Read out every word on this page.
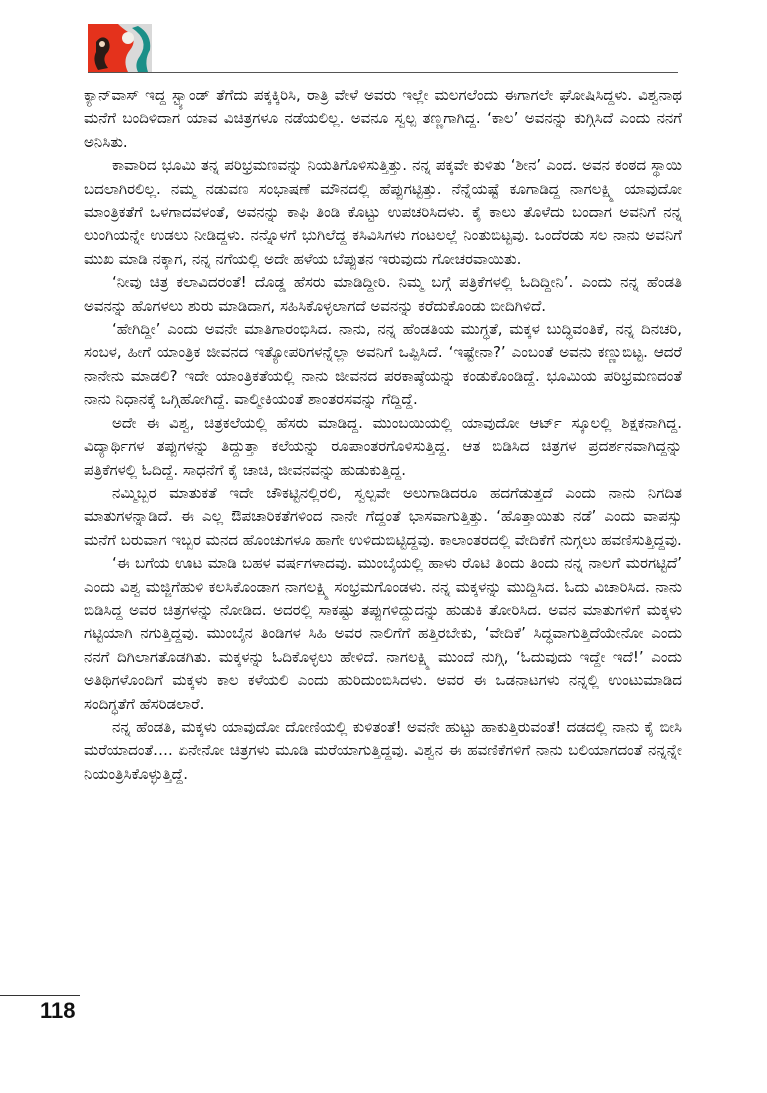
ಕ್ಯಾನ್‌ವಾಸ್‌ ಇದ್ದ ಸ್ಟ್ಯಾಂಡ್‌ ತೆಗೆದು ಪಕ್ಕಕ್ಕಿರಿಸಿ, ರಾತ್ರಿ ವೇಳೆ ಅವರು ಇಲ್ಲೇ ಮಲಗಲೆಂದು ಈಗಾಗಲೇ ಘೋಷಿಸಿದ್ದಳು. ವಿಶ್ವನಾಥ ಮನೆಗೆ ಬಂದಿಳಿದಾಗ ಯಾವ ವಿಚಿತ್ರಗಳೂ ನಡೆಯಲಿಲ್ಲ. ಅವನೂ ಸ್ವಲ್ಪ ತಣ್ಣಗಾಗಿದ್ದ. ‘ಕಾಲ’ ಅವನನ್ನು ಕುಗ್ಗಿಸಿದೆ ಎಂದು ನನಗೆ ಅನಿಸಿತು.

ಕಾವಾರಿದ ಭೂಮಿ ತನ್ನ ಪರಿಭ್ರಮಣವನ್ನು ನಿಯತಿಗೊಳಿಸುತ್ತಿತ್ತು. ನನ್ನ ಪಕ್ಕವೇ ಕುಳಿತು ‘ಶೀನ’ ಎಂದ. ಅವನ ಕಂಠದ ಸ್ಥಾಯಿ ಬದಲಾಗಿರಲಿಲ್ಲ. ನಮ್ಮ ನಡುವಣ ಸಂಭಾಷಣೆ ಮೌನದಲ್ಲಿ ಹೆಪ್ಪುಗಟ್ಟಿತ್ತು. ನೆನ್ನೆಯಷ್ಟೆ ಕೂಗಾಡಿದ್ದ ನಾಗಲಕ್ಷ್ಮಿ ಯಾವುದೋ ಮಾಂತ್ರಿಕತೆಗೆ ಒಳಗಾದವಳಂತೆ, ಅವನನ್ನು ಕಾಫಿ ತಿಂಡಿ ಕೊಟ್ಟು ಉಪಚರಿಸಿದಳು. ಕೈ ಕಾಲು ತೊಳೆದು ಬಂದಾಗ ಅವನಿಗೆ ನನ್ನ ಲುಂಗಿಯನ್ನೇ ಉಡಲು ನೀಡಿದ್ದಳು. ನನ್ನೊಳಗೆ ಭುಗಿಲೆದ್ದ ಕಸಿವಿಸಿಗಳು ಗಂಟಲಲ್ಲೆ ನಿಂತುಬಿಟ್ಟವು. ಒಂದೆರಡು ಸಲ ನಾನು ಅವನಿಗೆ ಮುಖ ಮಾಡಿ ನಕ್ಕಾಗ, ನನ್ನ ನಗೆಯಲ್ಲಿ ಅದೇ ಹಳೆಯ ಬೆಪ್ಪುತನ ಇರುವುದು ಗೋಚರವಾಯಿತು.

‘ನೀವು ಚಿತ್ರ ಕಲಾವಿದರಂತೆ! ದೊಡ್ಡ ಹೆಸರು ಮಾಡಿದ್ದೀರಿ. ನಿಮ್ಮ ಬಗ್ಗೆ ಪತ್ರಿಕೆಗಳಲ್ಲಿ ಓದಿದ್ದೀನಿ’. ಎಂದು ನನ್ನ ಹೆಂಡತಿ ಅವನನ್ನು ಹೊಗಳಲು ಶುರು ಮಾಡಿದಾಗ, ಸಹಿಸಿಕೊಳ್ಳಲಾಗದೆ ಅವನನ್ನು ಕರೆದುಕೊಂಡು ಬೀದಿಗಿಳಿದೆ.

‘ಹೇಗಿದ್ದೀ’ ಎಂದು ಅವನೇ ಮಾತಿಗಾರಂಭಿಸಿದ. ನಾನು, ನನ್ನ ಹೆಂಡತಿಯ ಮುಗ್ಧತೆ, ಮಕ್ಕಳ ಬುದ್ಧಿವಂತಿಕೆ, ನನ್ನ ದಿನಚರಿ, ಸಂಬಳ, ಹೀಗೆ ಯಾಂತ್ರಿಕ ಜೀವನದ ಇತ್ಯೋಪರಿಗಳನ್ನೆಲ್ಲಾ ಅವನಿಗೆ ಒಪ್ಪಿಸಿದೆ. ‘ಇಷ್ಟೇನಾ?’ ಎಂಬಂತೆ ಅವನು ಕಣ್ಣುಬಿಟ್ಟ. ಆದರೆ ನಾನೇನು ಮಾಡಲಿ? ಇದೇ ಯಾಂತ್ರಿಕತೆಯಲ್ಲಿ ನಾನು ಜೀವನದ ಪರಕಾಷ್ಠೆಯನ್ನು ಕಂಡುಕೊಂಡಿದ್ದೆ. ಭೂಮಿಯ ಪರಿಭ್ರಮಣದಂತೆ ನಾನು ನಿಧಾನಕ್ಕೆ ಒಗ್ಗಿಹೋಗಿದ್ದೆ. ವಾಲ್ಮೀಕಿಯಂತೆ ಶಾಂತರಸವನ್ನು ಗೆದ್ದಿದ್ದೆ.

ಅದೇ ಈ ವಿಶ್ವ, ಚಿತ್ರಕಲೆಯಲ್ಲಿ ಹೆಸರು ಮಾಡಿದ್ದ. ಮುಂಬಯಿಯಲ್ಲಿ ಯಾವುದೋ ಆರ್ಟ್ ಸ್ಕೂಲಲ್ಲಿ ಶಿಕ್ಷಕನಾಗಿದ್ದ. ವಿದ್ಯಾರ್ಥಿಗಳ ತಪ್ಪುಗಳನ್ನು ತಿದ್ದುತ್ತಾ ಕಲೆಯನ್ನು ರೂಪಾಂತರಗೊಳಿಸುತ್ತಿದ್ದ. ಆತ ಬಿಡಿಸಿದ ಚಿತ್ರಗಳ ಪ್ರದರ್ಶನವಾಗಿದ್ದನ್ನು ಪತ್ರಿಕೆಗಳಲ್ಲಿ ಓದಿದ್ದೆ. ಸಾಧನೆಗೆ ಕೈ ಚಾಚಿ, ಜೀವನವನ್ನು ಹುಡುಕುತ್ತಿದ್ದ.

ನಮ್ಮಿಬ್ಬರ ಮಾತುಕತೆ ಇದೇ ಚೌಕಟ್ಟಿನಲ್ಲಿರಲಿ, ಸ್ವಲ್ಪವೇ ಅಲುಗಾಡಿದರೂ ಹದಗೆಡುತ್ತದೆ ಎಂದು ನಾನು ನಿಗದಿತ ಮಾತುಗಳನ್ನಾಡಿದೆ. ಈ ಎಲ್ಲ ಔಪಚಾರಿಕತೆಗಳಿಂದ ನಾನೇ ಗೆದ್ದಂತೆ ಭಾಸವಾಗುತ್ತಿತ್ತು. ‘ಹೊತ್ತಾಯಿತು ನಡೆ’ ಎಂದು ವಾಪಸ್ಸು ಮನೆಗೆ ಬರುವಾಗ ಇಬ್ಬರ ಮನದ ಹೊಂಚುಗಳೂ ಹಾಗೇ ಉಳಿದುಬಿಟ್ಟಿದ್ದವು. ಕಾಲಾಂತರದಲ್ಲಿ ವೇದಿಕೆಗೆ ನುಗ್ಗಲು ಹವಣಿಸುತ್ತಿದ್ದವು.

‘ಈ ಬಗೆಯ ಊಟ ಮಾಡಿ ಬಹಳ ವರ್ಷಗಳಾದವು. ಮುಂಬೈಯಲ್ಲಿ ಹಾಳು ರೊಟಿ ತಿಂದು ತಿಂದು ನನ್ನ ನಾಲಗೆ ಮರಗಟ್ಟಿದೆ’ ಎಂದು ವಿಶ್ವ ಮಜ್ಜಿಗೆಹುಳಿ ಕಲಸಿಕೊಂಡಾಗ ನಾಗಲಕ್ಷ್ಮಿ ಸಂಭ್ರಮಗೊಂಡಳು. ನನ್ನ ಮಕ್ಕಳನ್ನು ಮುದ್ದಿಸಿದ. ಓದು ವಿಚಾರಿಸಿದ. ನಾನು ಬಿಡಿಸಿದ್ದ ಅವರ ಚಿತ್ರಗಳನ್ನು ನೋಡಿದ. ಅದರಲ್ಲಿ ಸಾಕಷ್ಟು ತಪ್ಪುಗಳಿದ್ದುದನ್ನು ಹುಡುಕಿ ತೋರಿಸಿದ. ಅವನ ಮಾತುಗಳಿಗೆ ಮಕ್ಕಳು ಗಟ್ಟಿಯಾಗಿ ನಗುತ್ತಿದ್ದವು. ಮುಂಬೈನ ತಿಂಡಿಗಳ ಸಿಹಿ ಅವರ ನಾಲಿಗೆಗೆ ಹತ್ತಿರಬೇಕು, ‘ವೇದಿಕೆ’ ಸಿದ್ಧವಾಗುತ್ತಿದೆಯೇನೋ ಎಂದು ನನಗೆ ದಿಗಿಲಾಗತೊಡಗಿತು. ಮಕ್ಕಳನ್ನು ಓದಿಕೊಳ್ಳಲು ಹೇಳಿದೆ. ನಾಗಲಕ್ಷ್ಮಿ ಮುಂದೆ ನುಗ್ಗಿ, ‘ಓದುವುದು ಇದ್ದೇ ಇದೆ!’ ಎಂದು ಅತಿಥಿಗಳೊಂದಿಗೆ ಮಕ್ಕಳು ಕಾಲ ಕಳೆಯಲಿ ಎಂದು ಹುರಿದುಂಬಿಸಿದಳು. ಅವರ ಈ ಒಡನಾಟಗಳು ನನ್ನಲ್ಲಿ ಉಂಟುಮಾಡಿದ ಸಂದಿಗ್ಧತೆಗೆ ಹೆಸರಿಡಲಾರೆ.

ನನ್ನ ಹೆಂಡತಿ, ಮಕ್ಕಳು ಯಾವುದೋ ದೋಣಿಯಲ್ಲಿ ಕುಳಿತಂತೆ! ಅವನೇ ಹುಟ್ಟು ಹಾಕುತ್ತಿರುವಂತೆ! ದಡದಲ್ಲಿ ನಾನು ಕೈ ಬೀಸಿ ಮರೆಯಾದಂತೆ…. ಏನೇನೋ ಚಿತ್ರಗಳು ಮೂಡಿ ಮರೆಯಾಗುತ್ತಿದ್ದವು. ವಿಶ್ವನ ಈ ಹವಣಿಕೆಗಳಿಗೆ ನಾನು ಬಲಿಯಾಗದಂತೆ ನನ್ನನ್ನೇ ನಿಯಂತ್ರಿಸಿಕೊಳ್ಳುತ್ತಿದ್ದೆ.

118
